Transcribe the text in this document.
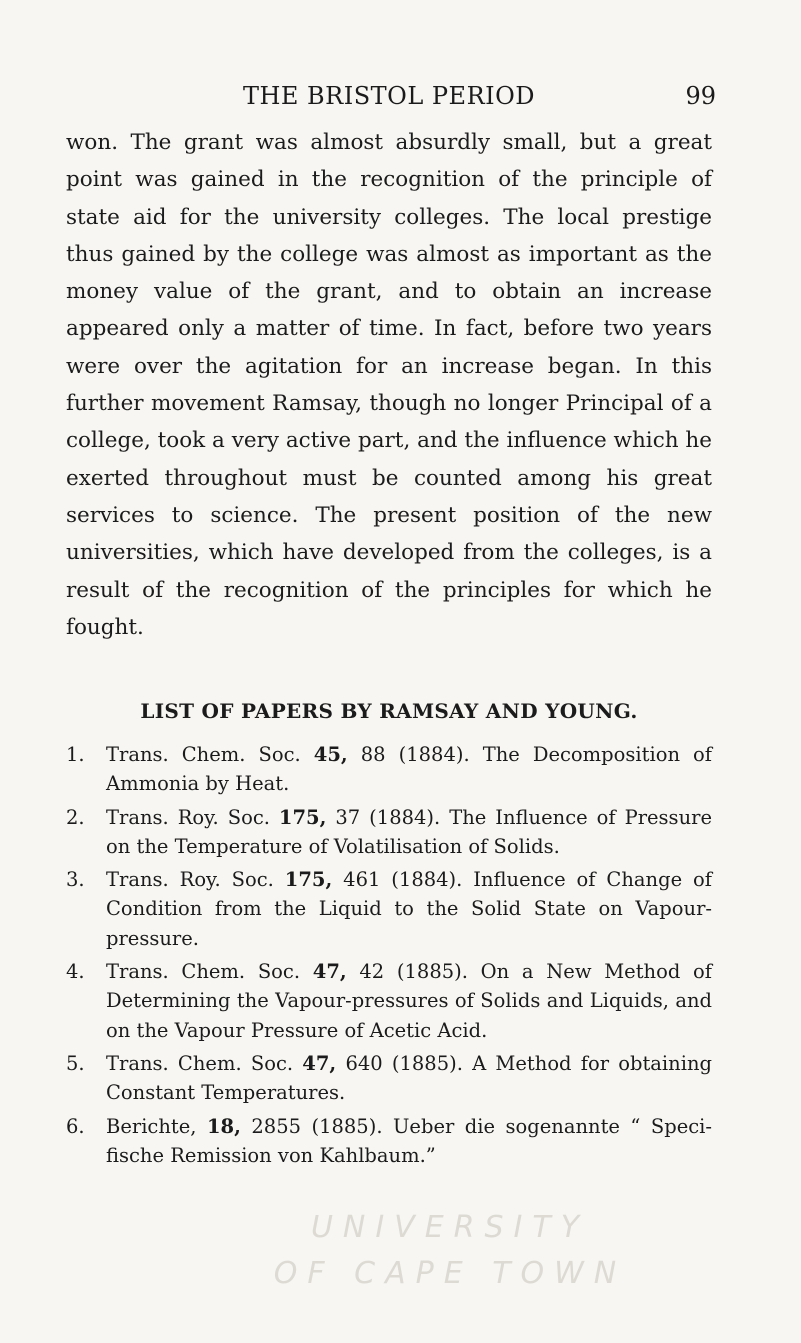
THE BRISTOL PERIOD	99

won. The grant was almost absurdly small, but a great point was gained in the recognition of the principle of state aid for the university colleges. The local prestige thus gained by the college was almost as important as the money value of the grant, and to obtain an increase appeared only a matter of time. In fact, before two years were over the agitation for an increase began. In this further movement Ramsay, though no longer Principal of a college, took a very active part, and the influence which he exerted throughout must be counted among his great services to science. The present position of the new universities, which have developed from the colleges, is a result of the recognition of the principles for which he fought.

LIST OF PAPERS BY RAMSAY AND YOUNG.
1. Trans. Chem. Soc. 45, 88 (1884). The Decomposition of Ammonia by Heat.
2. Trans. Roy. Soc. 175, 37 (1884). The Influence of Pressure on the Temperature of Volatilisation of Solids.
3. Trans. Roy. Soc. 175, 461 (1884). Influence of Change of Condition from the Liquid to the Solid State on Vapour-pressure.
4. Trans. Chem. Soc. 47, 42 (1885). On a New Method of Determining the Vapour-pressures of Solids and Liquids, and on the Vapour Pressure of Acetic Acid.
5. Trans. Chem. Soc. 47, 640 (1885). A Method for obtaining Constant Temperatures.
6. Berichte, 18, 2855 (1885). Ueber die sogenannte “ Speci-fische Remission von Kahlbaum.”
UNIVERSITY
OF CAPE TOWN
